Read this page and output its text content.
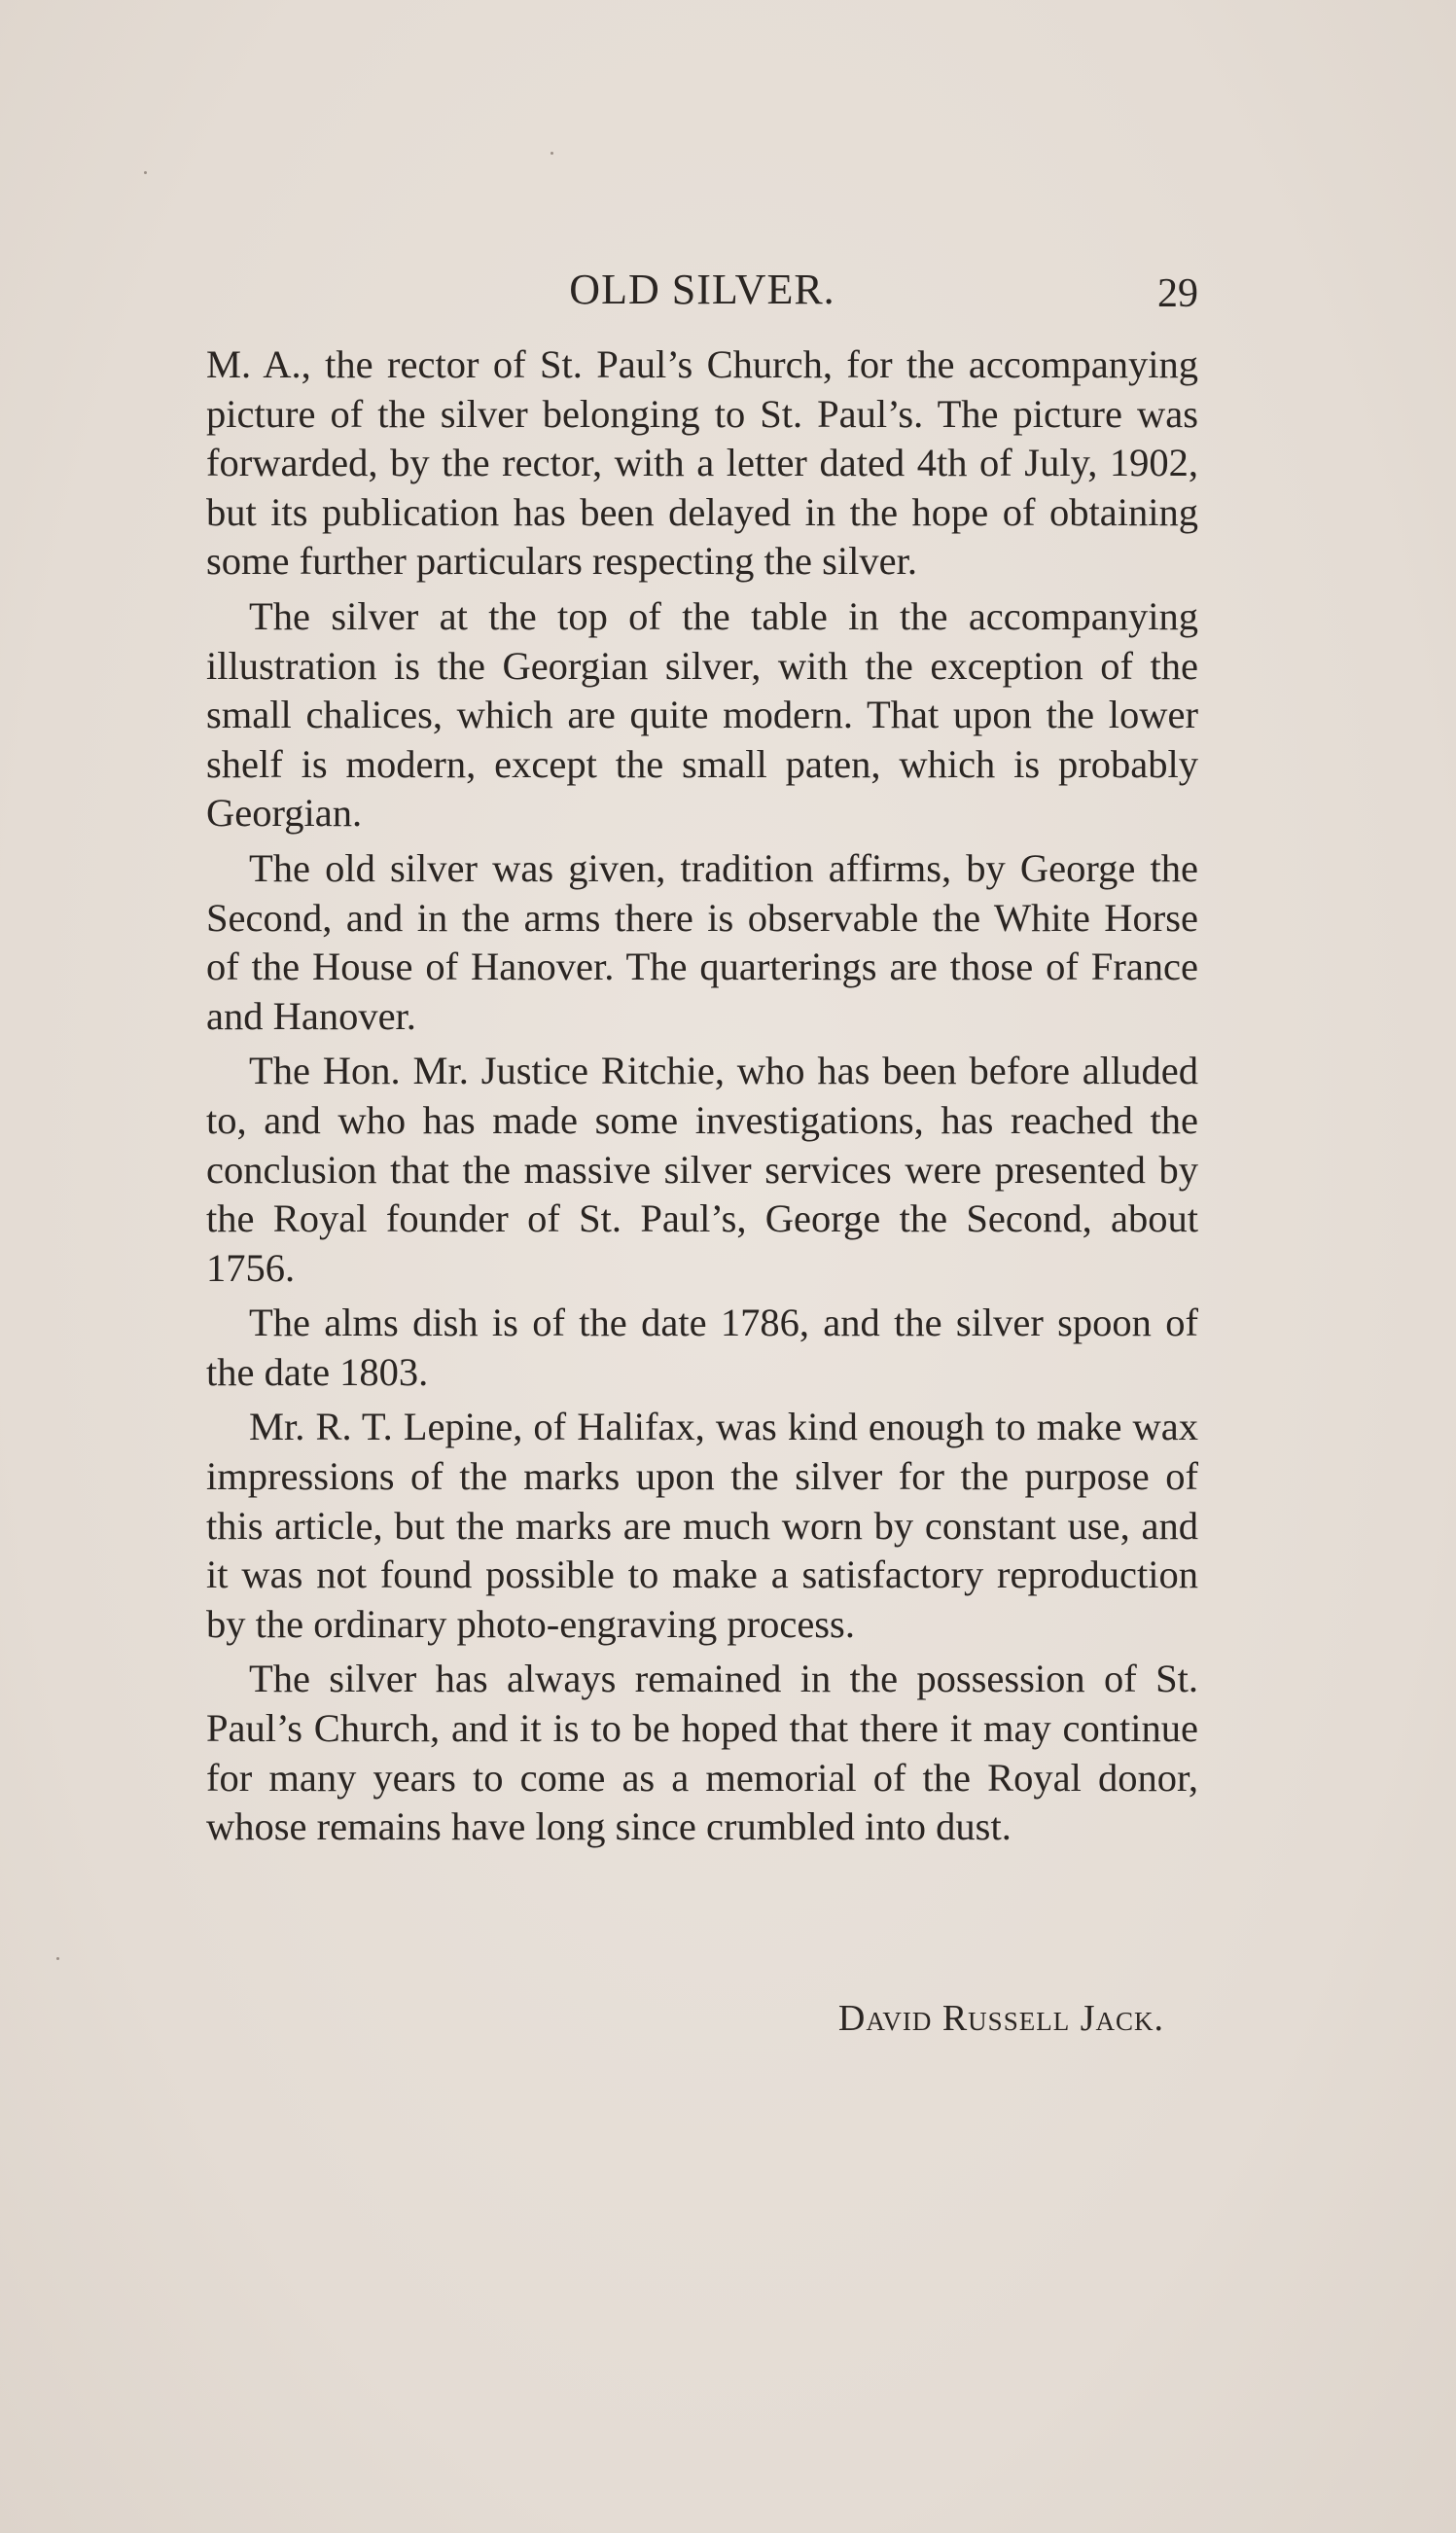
OLD SILVER.	29

M. A., the rector of St. Paul’s Church, for the accompanying picture of the silver belonging to St. Paul’s. The picture was forwarded, by the rector, with a letter dated 4th of July, 1902, but its publication has been delayed in the hope of obtaining some further particulars respecting the silver.

The silver at the top of the table in the accompanying illustration is the Georgian silver, with the exception of the small chalices, which are quite modern. That upon the lower shelf is modern, except the small paten, which is probably Georgian.

The old silver was given, tradition affirms, by George the Second, and in the arms there is observable the White Horse of the House of Hanover. The quarterings are those of France and Hanover.

The Hon. Mr. Justice Ritchie, who has been before alluded to, and who has made some investigations, has reached the conclusion that the massive silver services were presented by the Royal founder of St. Paul’s, George the Second, about 1756.

The alms dish is of the date 1786, and the silver spoon of the date 1803.

Mr. R. T. Lepine, of Halifax, was kind enough to make wax impressions of the marks upon the silver for the purpose of this article, but the marks are much worn by constant use, and it was not found possible to make a satisfactory reproduction by the ordinary photo-engraving process.

The silver has always remained in the possession of St. Paul’s Church, and it is to be hoped that there it may continue for many years to come as a memorial of the Royal donor, whose remains have long since crumbled into dust.

David Russell Jack.
